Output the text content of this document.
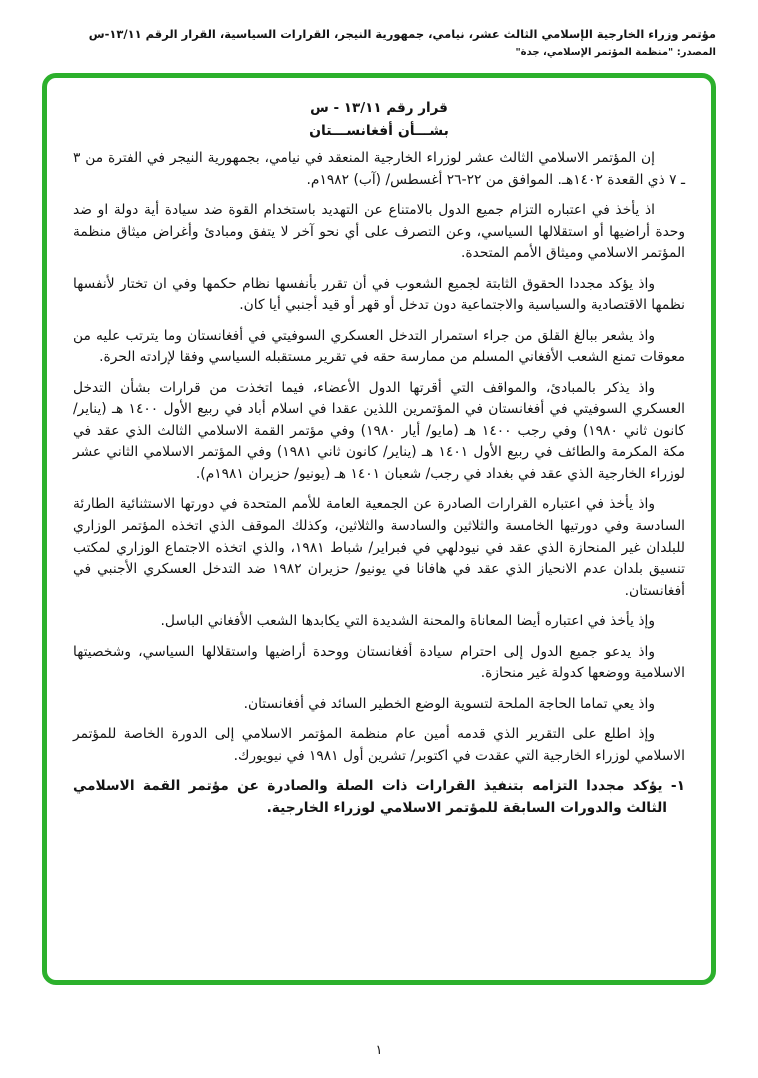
مؤتمر وزراء الخارجية الإسلامي الثالث عشر، نيامي، جمهورية النيجر، القرارات السياسية، القرار الرقم ١٣/١١-س
المصدر: "منظمة المؤتمر الإسلامي، جدة"
قرار رقم ١٣/١١ - س
بشـــأن أفغانســـتان

إن المؤتمر الاسلامي الثالث عشر لوزراء الخارجية المنعقد في نيامي، بجمهورية النيجر في الفترة من ٣ ـ ٧ ذي القعدة ١٤٠٢هـ. الموافق من ٢٢-٢٦ أغسطس/ (آب) ١٩٨٢م.

اذ يأخذ في اعتباره التزام جميع الدول بالامتناع عن التهديد باستخدام القوة ضد سيادة أية دولة او ضد وحدة أراضيها أو استقلالها السياسي، وعن التصرف على أي نحو آخر لا يتفق ومبادئ وأغراض ميثاق منظمة المؤتمر الاسلامي وميثاق الأمم المتحدة.

واذ يؤكد مجددا الحقوق الثابتة لجميع الشعوب في أن تقرر بأنفسها نظام حكمها وفي ان تختار لأنفسها نظمها الاقتصادية والسياسية والاجتماعية دون تدخل أو قهر أو قيد أجنبي أيا كان.

واذ يشعر ببالغ القلق من جراء استمرار التدخل العسكري السوفيتي في أفغانستان وما يترتب عليه من معوقات تمنع الشعب الأفغاني المسلم من ممارسة حقه في تقرير مستقبله السياسي وفقا لإرادته الحرة.

واذ يذكر بالمبادئ، والمواقف التي أقرتها الدول الأعضاء، فيما اتخذت من قرارات بشأن التدخل العسكري السوفيتي في أفغانستان في المؤتمرين اللذين عقدا في اسلام أباد في ربيع الأول ١٤٠٠ هـ (يناير/ كانون ثاني ١٩٨٠) وفي رجب ١٤٠٠ هـ (مايو/ أيار ١٩٨٠) وفي مؤتمر القمة الاسلامي الثالث الذي عقد في مكة المكرمة والطائف في ربيع الأول ١٤٠١ هـ (يناير/ كانون ثاني ١٩٨١) وفي المؤتمر الاسلامي الثاني عشر لوزراء الخارجية الذي عقد في بغداد في رجب/ شعبان ١٤٠١ هـ (يونيو/ حزيران ١٩٨١م).

واذ يأخذ في اعتباره القرارات الصادرة عن الجمعية العامة للأمم المتحدة في دورتها الاستثنائية الطارئة السادسة وفي دورتيها الخامسة والثلاثين والسادسة والثلاثين، وكذلك الموقف الذي اتخذه المؤتمر الوزاري للبلدان غير المنحازة الذي عقد في نيودلهي في فبراير/ شباط ١٩٨١، والذي اتخذه الاجتماع الوزاري لمكتب تنسيق بلدان عدم الانحياز الذي عقد في هافانا في يونيو/ حزيران ١٩٨٢ ضد التدخل العسكري الأجنبي في أفغانستان.

وإذ يأخذ في اعتباره أيضا المعاناة والمحنة الشديدة التي يكابدها الشعب الأفغاني الباسل.

واذ يدعو جميع الدول إلى احترام سيادة أفغانستان ووحدة أراضيها واستقلالها السياسي، وشخصيتها الاسلامية ووضعها كدولة غير منحازة.

واذ يعي تماما الحاجة الملحة لتسوية الوضع الخطير السائد في أفغانستان.

وإذ اطلع على التقرير الذي قدمه أمين عام منظمة المؤتمر الاسلامي إلى الدورة الخاصة للمؤتمر الاسلامي لوزراء الخارجية التي عقدت في اكتوبر/ تشرين أول ١٩٨١ في نيويورك.

١- يؤكد مجددا التزامه بتنفيذ القرارات ذات الصلة والصادرة عن مؤتمر القمة الاسلامي الثالث والدورات السابقة للمؤتمر الاسلامي لوزراء الخارجية.

١
